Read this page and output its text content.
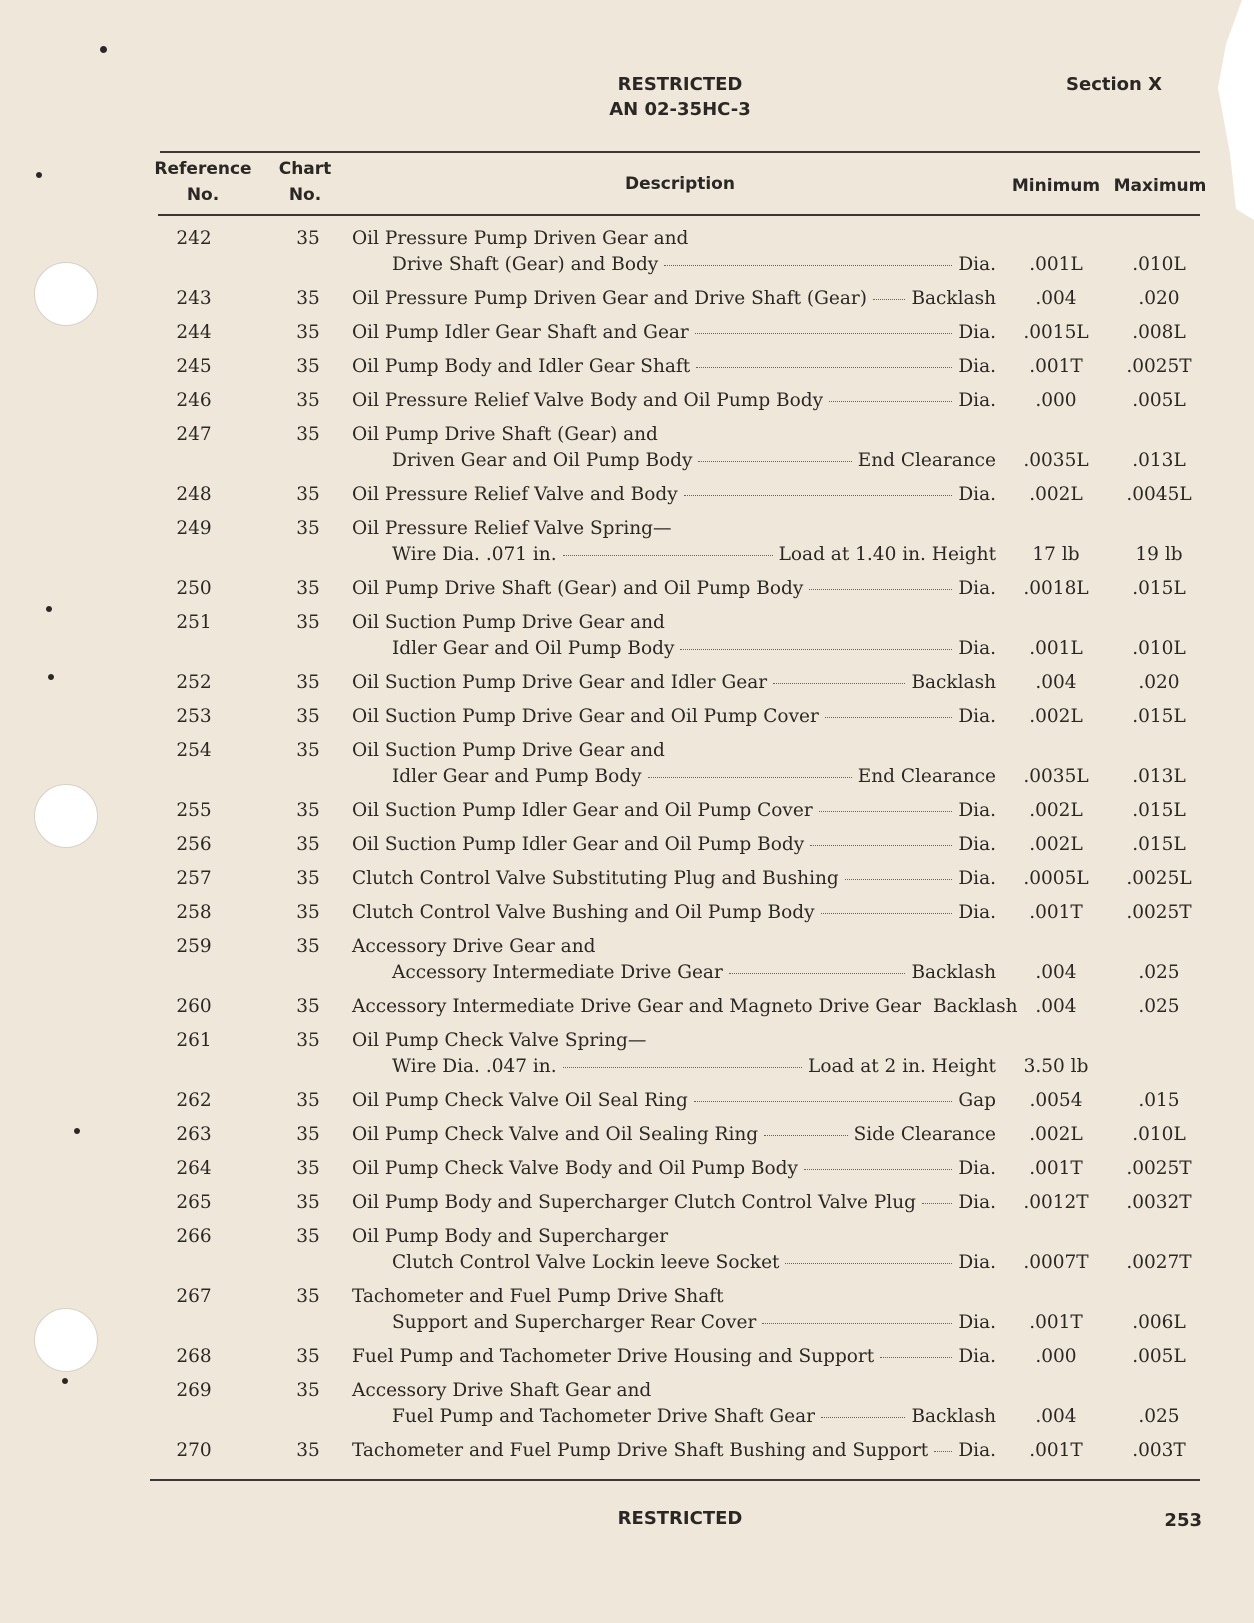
RESTRICTED
AN 02-35HC-3
Section X
Reference
No.
Chart
No.
Description	Minimum Maximum
242	35	Oil Pressure Pump Driven Gear and
Drive Shaft (Gear) and Body	Dia.	.001L	.010L
243	35	Oil Pressure Pump Driven Gear and Drive Shaft (Gear) Backlash	.004	.020
244	35	Oil Pump Idler Gear Shaft and Gear	Dia.	.0015L	.008L
245	35	Oil Pump Body and Idler Gear Shaft	Dia.	.001T	.0025T
246	35	Oil Pressure Relief Valve Body and Oil Pump Body	Dia.	.000	.005L
247	35	Oil Pump Drive Shaft (Gear) and
Driven Gear and Oil Pump Body	End Clearance	.0035L	.013L
248	35	Oil Pressure Relief Valve and Body	Dia.	.002L	.0045L
249	35	Oil Pressure Relief Valve Spring—
Wire Dia. .071 in.	Load at 1.40 in. Height	17 lb	19 lb
250	35	Oil Pump Drive Shaft (Gear) and Oil Pump Body	Dia.	.0018L	.015L
251	35	Oil Suction Pump Drive Gear and
Idler Gear and Oil Pump Body	Dia.	.001L	.010L
252	35	Oil Suction Pump Drive Gear and Idler Gear	Backlash	.004	.020
253	35	Oil Suction Pump Drive Gear and Oil Pump Cover	Dia.	.002L	.015L
254	35	Oil Suction Pump Drive Gear and
Idler Gear and Pump Body	End Clearance	.0035L	.013L
255	35	Oil Suction Pump Idler Gear and Oil Pump Cover	Dia.	.002L	.015L
256	35	Oil Suction Pump Idler Gear and Oil Pump Body	Dia.	.002L	.015L
257	35	Clutch Control Valve Substituting Plug and Bushing	Dia.	.0005L	.0025L
258	35	Clutch Control Valve Bushing and Oil Pump Body	Dia.	.001T	.0025T
259	35	Accessory Drive Gear and
Accessory Intermediate Drive Gear	Backlash	.004	.025
260	35	Accessory Intermediate Drive Gear and Magneto Drive Gear Backlash .004	.025
261	35	Oil Pump Check Valve Spring—
Wire Dia. .047 in.	Load at 2 in. Height	3.50 lb
262	35	Oil Pump Check Valve Oil Seal Ring	Gap	.0054	.015
263	35	Oil Pump Check Valve and Oil Sealing Ring	Side Clearance	.002L	.010L
264	35	Oil Pump Check Valve Body and Oil Pump Body	Dia.	.001T	.0025T
265	35	Oil Pump Body and Supercharger Clutch Control Valve Plug Dia.	.0012T	.0032T
266	35	Oil Pump Body and Supercharger
Clutch Control Valve Lockin leeve Socket	Dia.	.0007T	.0027T
267	35	Tachometer and Fuel Pump Drive Shaft
Support and Supercharger Rear Cover	Dia.	.001T	.006L
268	35	Fuel Pump and Tachometer Drive Housing and Support	Dia.	.000	.005L
269	35	Accessory Drive Shaft Gear and
Fuel Pump and Tachometer Drive Shaft Gear	Backlash	.004	.025
270	35	Tachometer and Fuel Pump Drive Shaft Bushing and Support Dia.	.001T	.003T
RESTRICTED	253
